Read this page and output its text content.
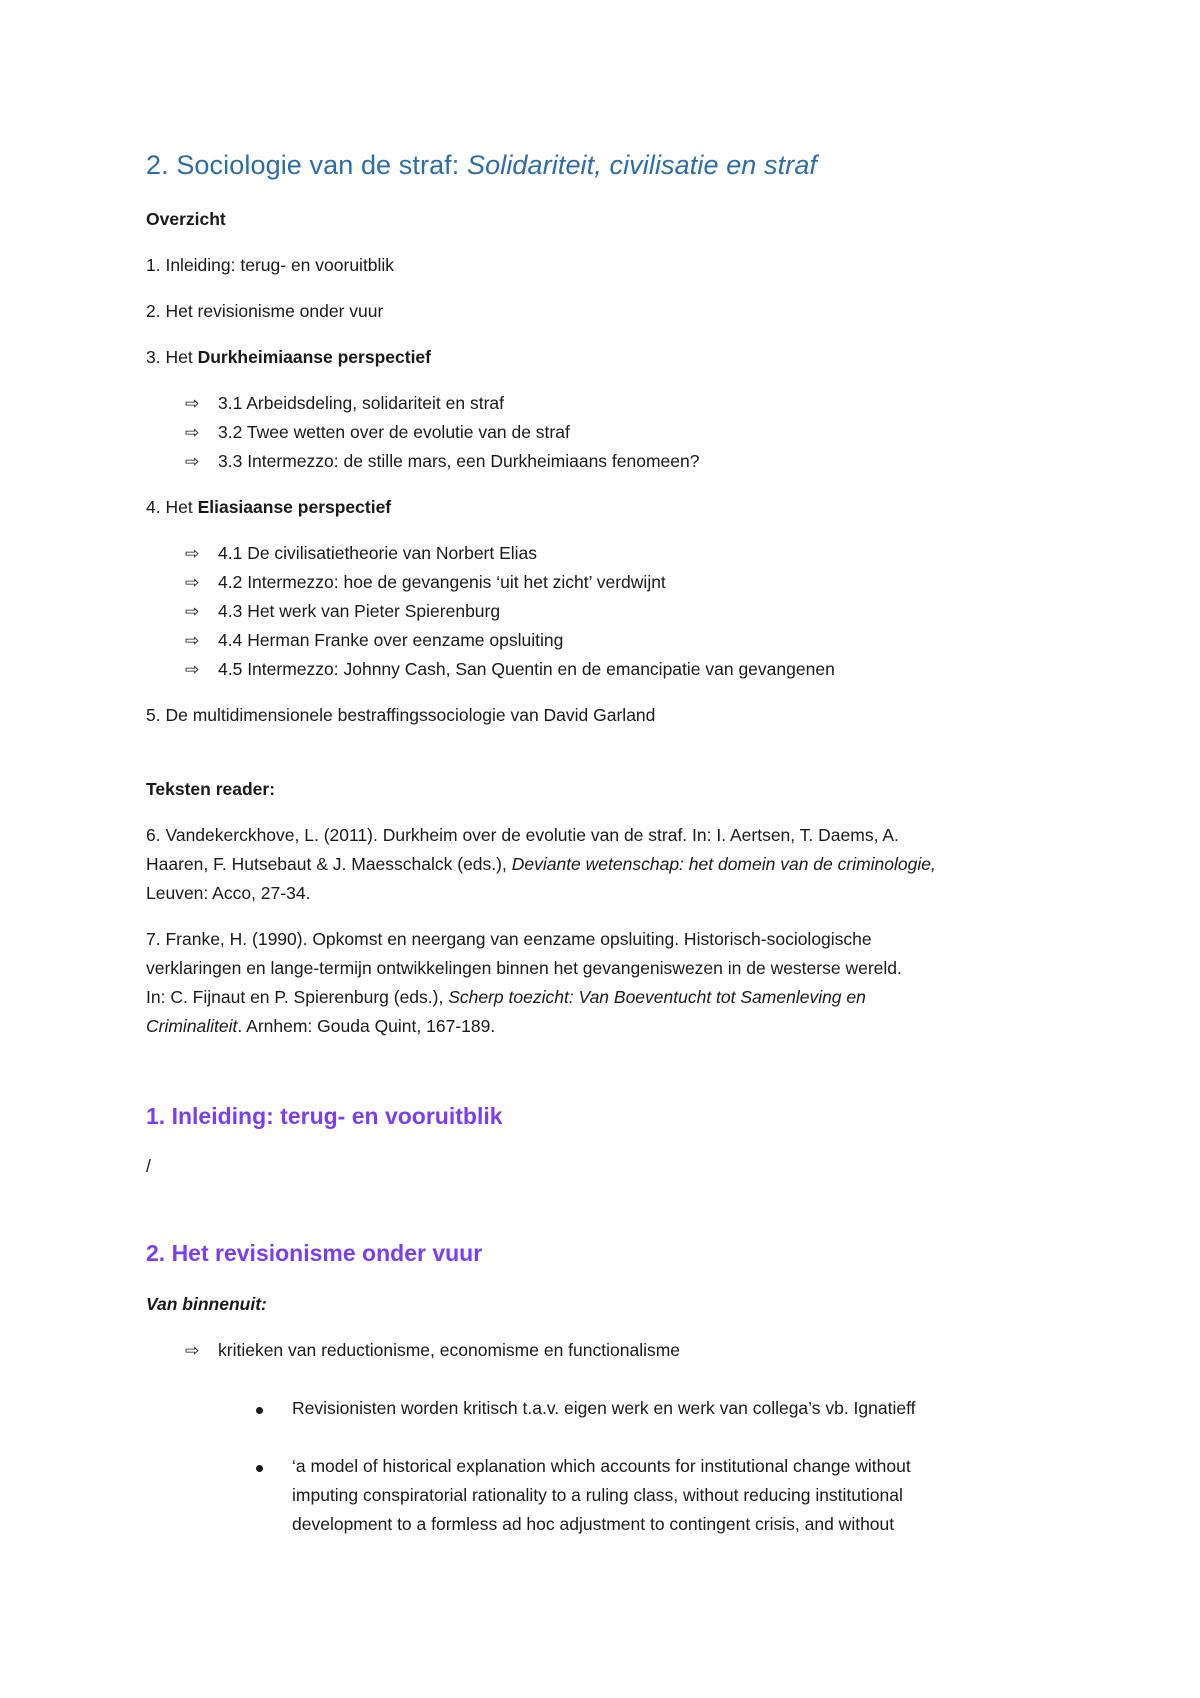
2. Sociologie van de straf: Solidariteit, civilisatie en straf
Overzicht
1. Inleiding: terug- en vooruitblik
2. Het revisionisme onder vuur
3. Het Durkheimiaanse perspectief
⇨ 3.1 Arbeidsdeling, solidariteit en straf
⇨ 3.2 Twee wetten over de evolutie van de straf
⇨ 3.3 Intermezzo: de stille mars, een Durkheimiaans fenomeen?
4. Het Eliasiaanse perspectief
⇨ 4.1 De civilisatietheorie van Norbert Elias
⇨ 4.2 Intermezzo: hoe de gevangenis ‘uit het zicht’ verdwijnt
⇨ 4.3 Het werk van Pieter Spierenburg
⇨ 4.4 Herman Franke over eenzame opsluiting
⇨ 4.5 Intermezzo: Johnny Cash, San Quentin en de emancipatie van gevangenen
5. De multidimensionele bestraffingssociologie van David Garland
Teksten reader:
6. Vandekerckhove, L. (2011). Durkheim over de evolutie van de straf. In: I. Aertsen, T. Daems, A.
Haaren, F. Hutsebaut & J. Maesschalck (eds.), Deviante wetenschap: het domein van de criminologie,
Leuven: Acco, 27-34.
7. Franke, H. (1990). Opkomst en neergang van eenzame opsluiting. Historisch-sociologische
verklaringen en lange-termijn ontwikkelingen binnen het gevangeniswezen in de westerse wereld.
In: C. Fijnaut en P. Spierenburg (eds.), Scherp toezicht: Van Boeventucht tot Samenleving en
Criminaliteit. Arnhem: Gouda Quint, 167-189.
1. Inleiding: terug- en vooruitblik
/
2. Het revisionisme onder vuur
Van binnenuit:
⇨ kritieken van reductionisme, economisme en functionalisme
Revisionisten worden kritisch t.a.v. eigen werk en werk van collega’s vb. Ignatieff
‘a model of historical explanation which accounts for institutional change without
imputing conspiratorial rationality to a ruling class, without reducing institutional
development to a formless ad hoc adjustment to contingent crisis, and without
